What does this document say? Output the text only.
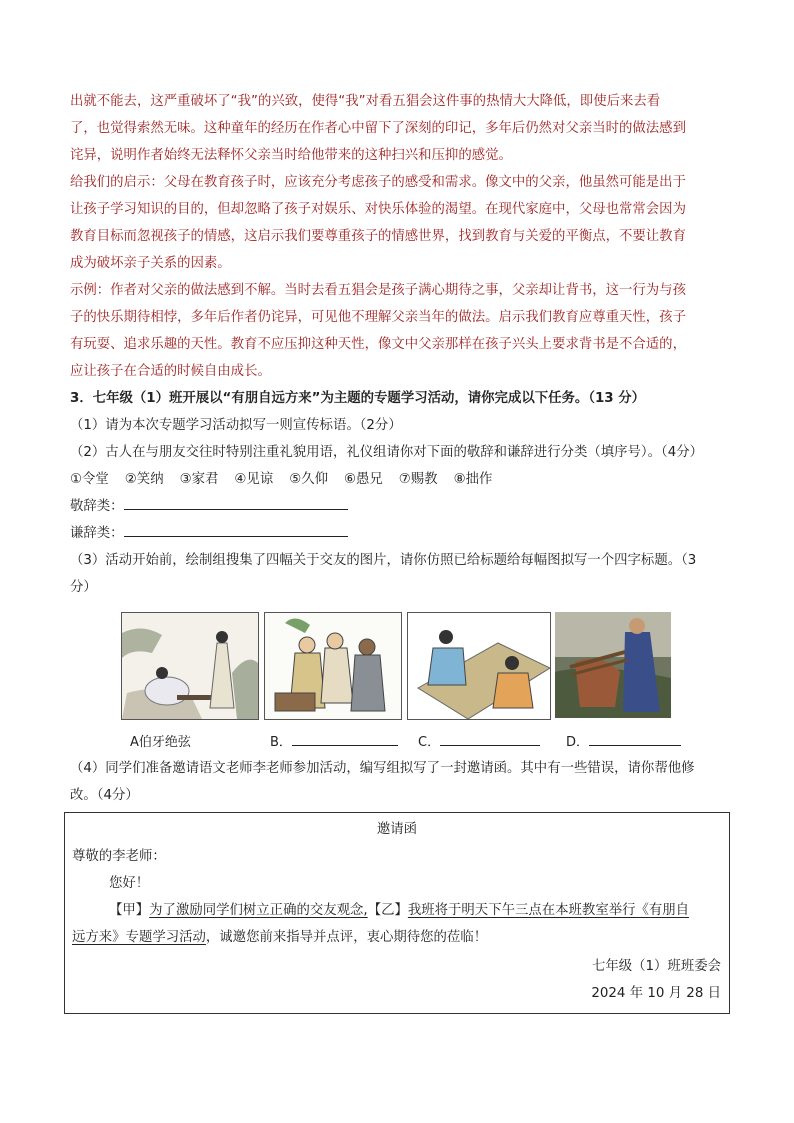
出就不能去，这严重破坏了“我”的兴致，使得“我”对看五猖会这件事的热情大大降低，即使后来去看

了，也觉得索然无味。这种童年的经历在作者心中留下了深刻的印记，多年后仍然对父亲当时的做法感到

诧异，说明作者始终无法释怀父亲当时给他带来的这种扫兴和压抑的感觉。

给我们的启示：父母在教育孩子时，应该充分考虑孩子的感受和需求。像文中的父亲，他虽然可能是出于

让孩子学习知识的目的，但却忽略了孩子对娱乐、对快乐体验的渴望。在现代家庭中，父母也常常会因为

教育目标而忽视孩子的情感，这启示我们要尊重孩子的情感世界，找到教育与关爱的平衡点，不要让教育

成为破坏亲子关系的因素。

示例：作者对父亲的做法感到不解。当时去看五猖会是孩子满心期待之事，父亲却让背书，这一行为与孩

子的快乐期待相悖，多年后作者仍诧异，可见他不理解父亲当年的做法。启示我们教育应尊重天性，孩子

有玩耍、追求乐趣的天性。教育不应压抑这种天性，像文中父亲那样在孩子兴头上要求背书是不合适的，

应让孩子在合适的时候自由成长。

3．七年级（1）班开展以“有朋自远方来”为主题的专题学习活动，请你完成以下任务。（13 分）

（1）请为本次专题学习活动拟写一则宣传标语。（2分）

（2）古人在与朋友交往时特别注重礼貌用语，礼仪组请你对下面的敬辞和谦辞进行分类（填序号）。（4分）

①令堂 ②笑纳 ③家君 ④见谅 ⑤久仰 ⑥愚兄 ⑦赐教 ⑧拙作

敬辞类：

谦辞类：

（3）活动开始前，绘制组搜集了四幅关于交友的图片，请你仿照已给标题给每幅图拟写一个四字标题。（3

分）

A伯牙绝弦	B．	C．	D．

（4）同学们准备邀请语文老师李老师参加活动，编写组拟写了一封邀请函。其中有一些错误，请你帮他修

改。（4分）

邀请函
尊敬的李老师：
您好！
【甲】为了激励同学们树立正确的交友观念,【乙】我班将于明天下午三点在本班教室举行《有朋自
远方来》专题学习活动，诚邀您前来指导并点评，衷心期待您的莅临！
七年级（1）班班委会
2024 年 10 月 28 日
